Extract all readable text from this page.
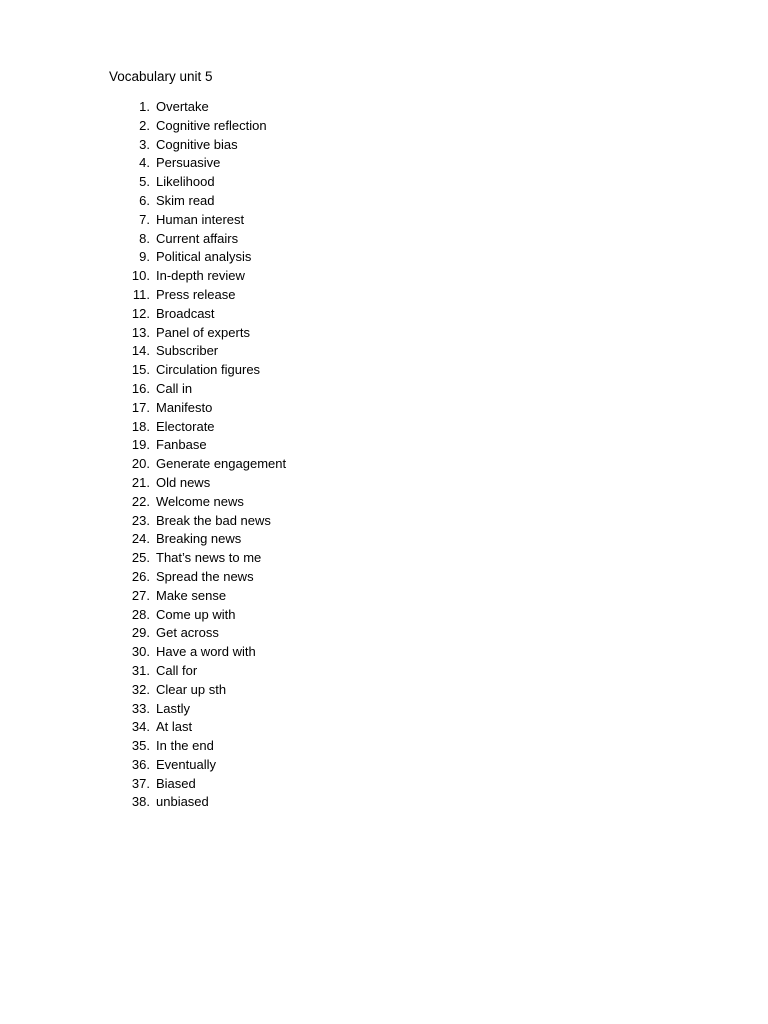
Vocabulary unit 5
1. Overtake
2. Cognitive reflection
3. Cognitive bias
4. Persuasive
5. Likelihood
6. Skim read
7. Human interest
8. Current affairs
9. Political analysis
10. In-depth review
11. Press release
12. Broadcast
13. Panel of experts
14. Subscriber
15. Circulation figures
16. Call in
17. Manifesto
18. Electorate
19. Fanbase
20. Generate engagement
21. Old news
22. Welcome news
23. Break the bad news
24. Breaking news
25. That’s news to me
26. Spread the news
27. Make sense
28. Come up with
29. Get across
30. Have a word with
31. Call for
32. Clear up sth
33. Lastly
34. At last
35. In the end
36. Eventually
37. Biased
38. unbiased
